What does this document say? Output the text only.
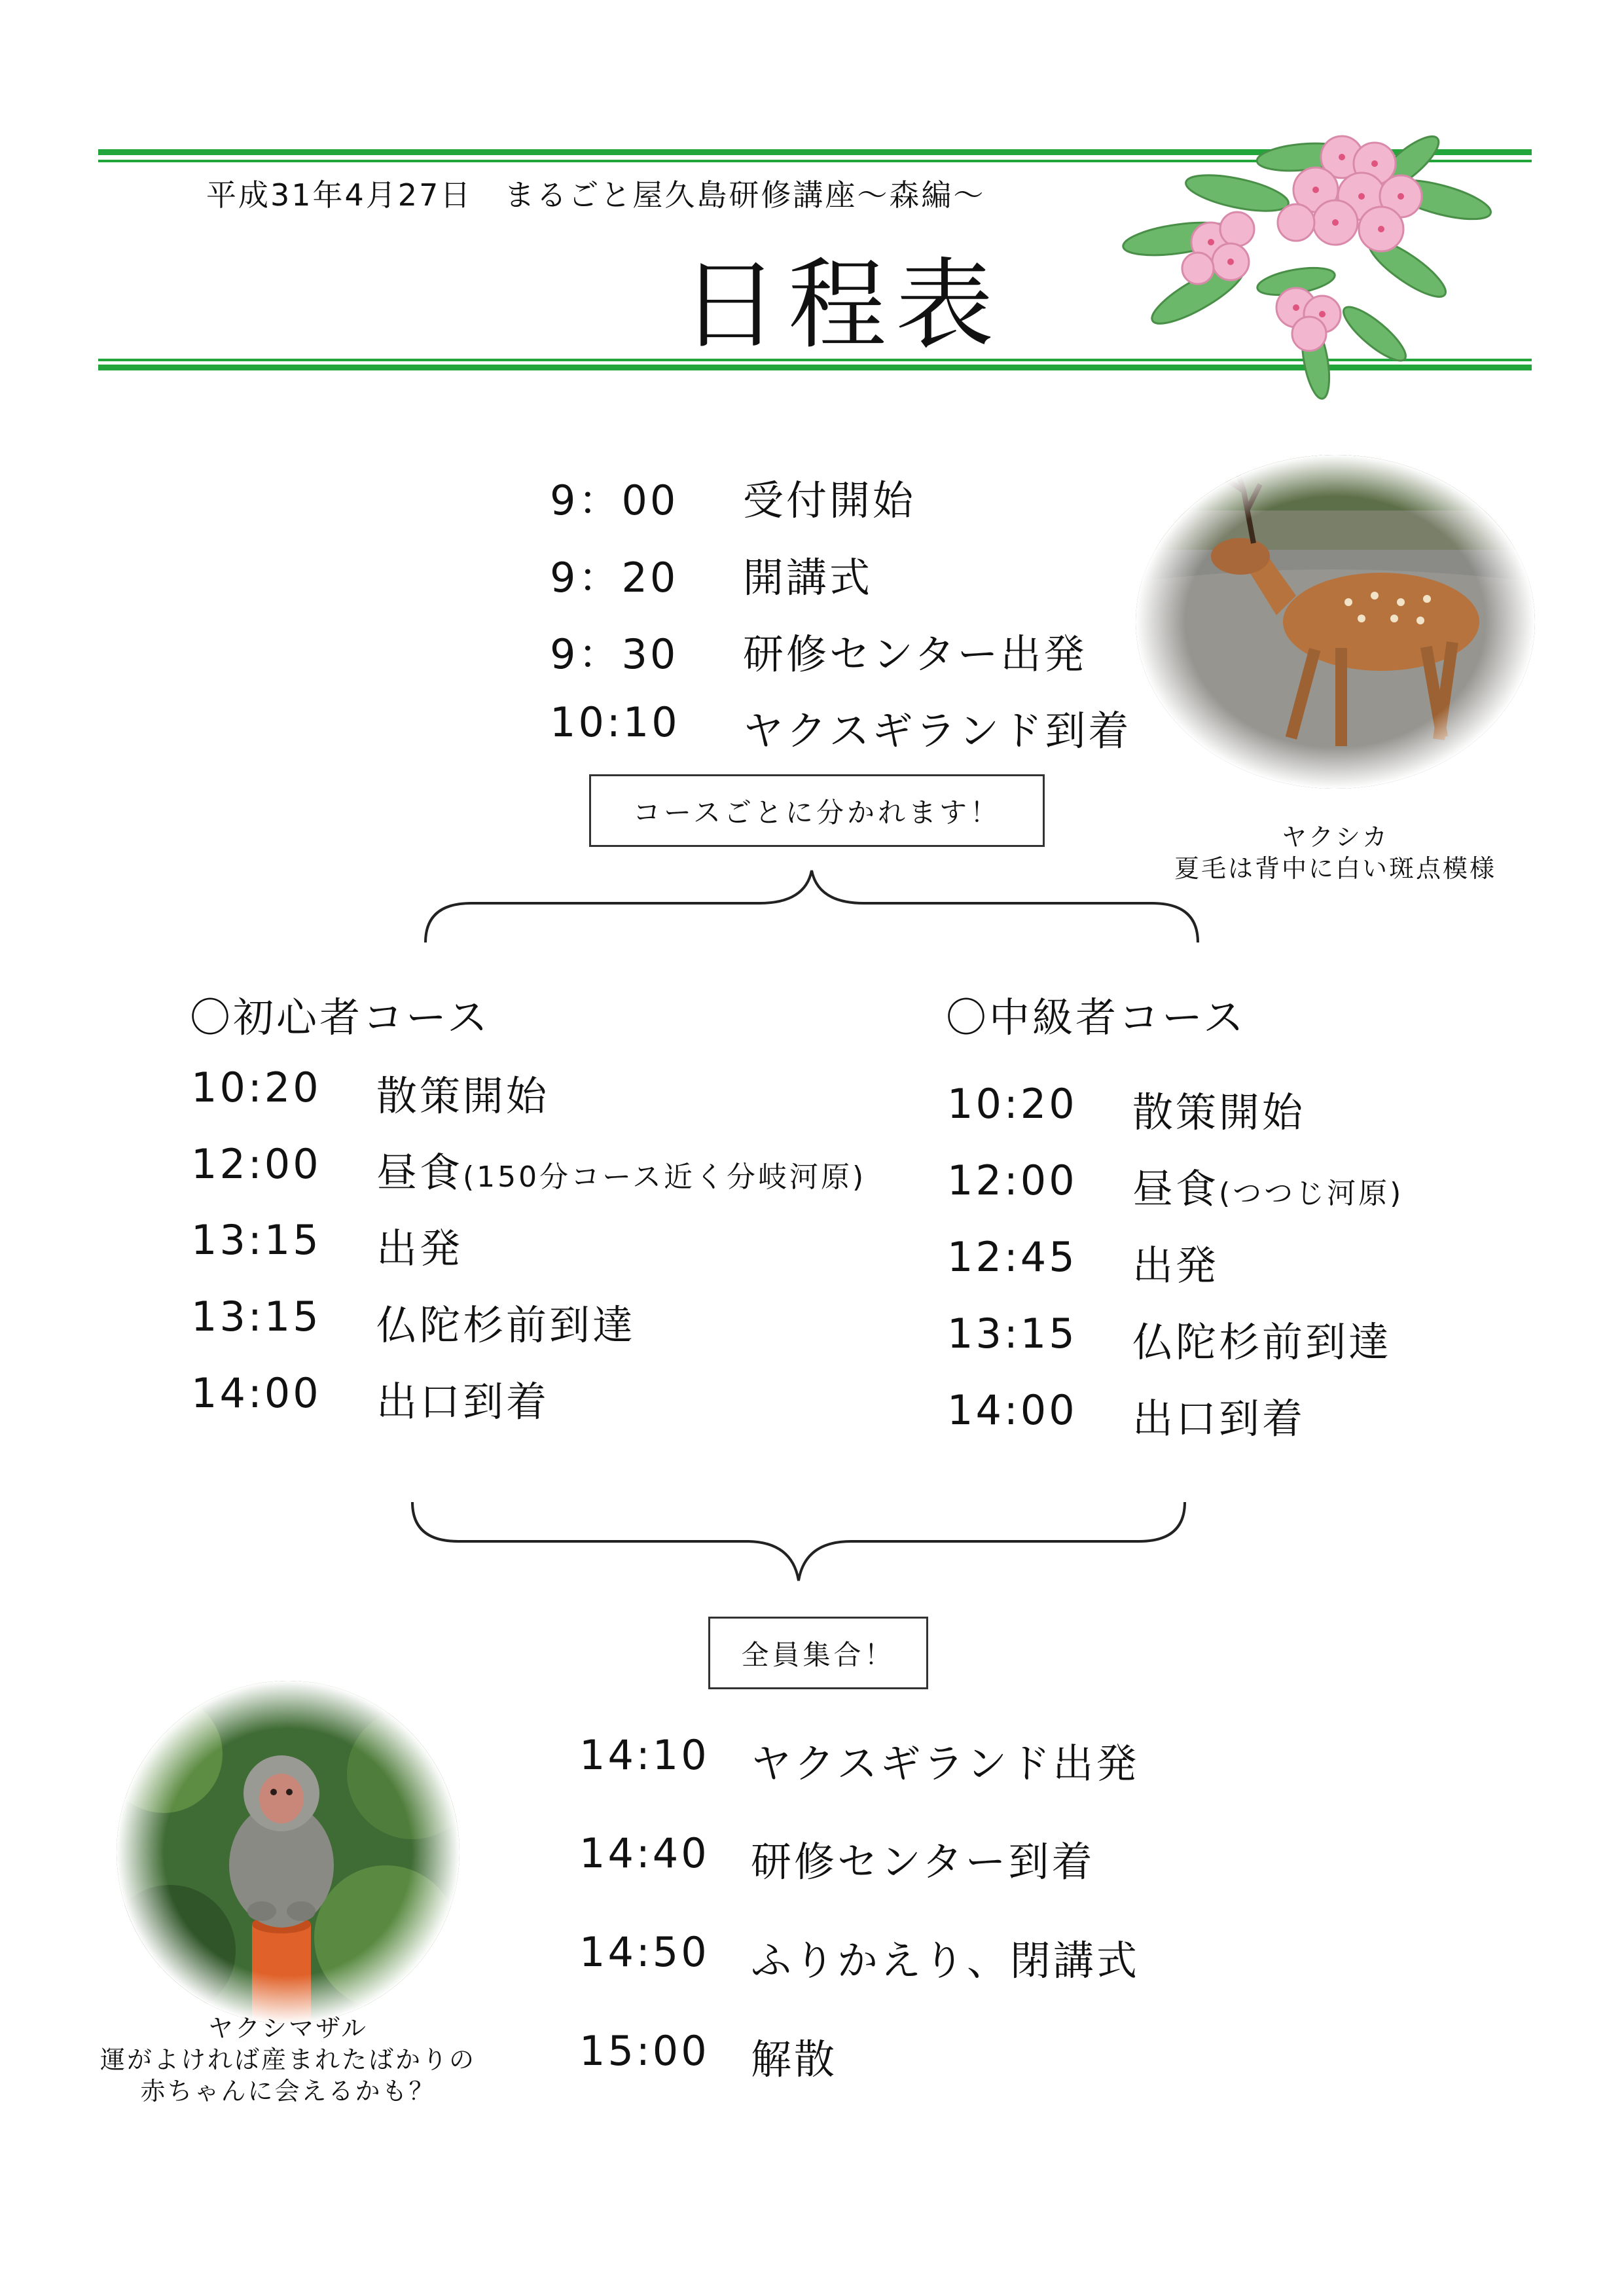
平成31年4月27日　まるごと屋久島研修講座～森編～
日程表
9：00 受付開始
9：20 開講式
9：30 研修センター出発
10:10 ヤクスギランド到着
ヤクシカ
夏毛は背中に白い斑点模様
コースごとに分かれます！
〇初心者コース
10:20 散策開始
12:00 昼食(150分コース近く分岐河原)
13:15 出発
13:15 仏陀杉前到達
14:00 出口到着
〇中級者コース
10:20 散策開始
12:00 昼食(つつじ河原)
12:45 出発
13:15 仏陀杉前到達
14:00 出口到着
全員集合！
14:10 ヤクスギランド出発
14:40 研修センター到着
14:50 ふりかえり、閉講式
15:00 解散
ヤクシマザル
運がよければ産まれたばかりの
赤ちゃんに会えるかも？
